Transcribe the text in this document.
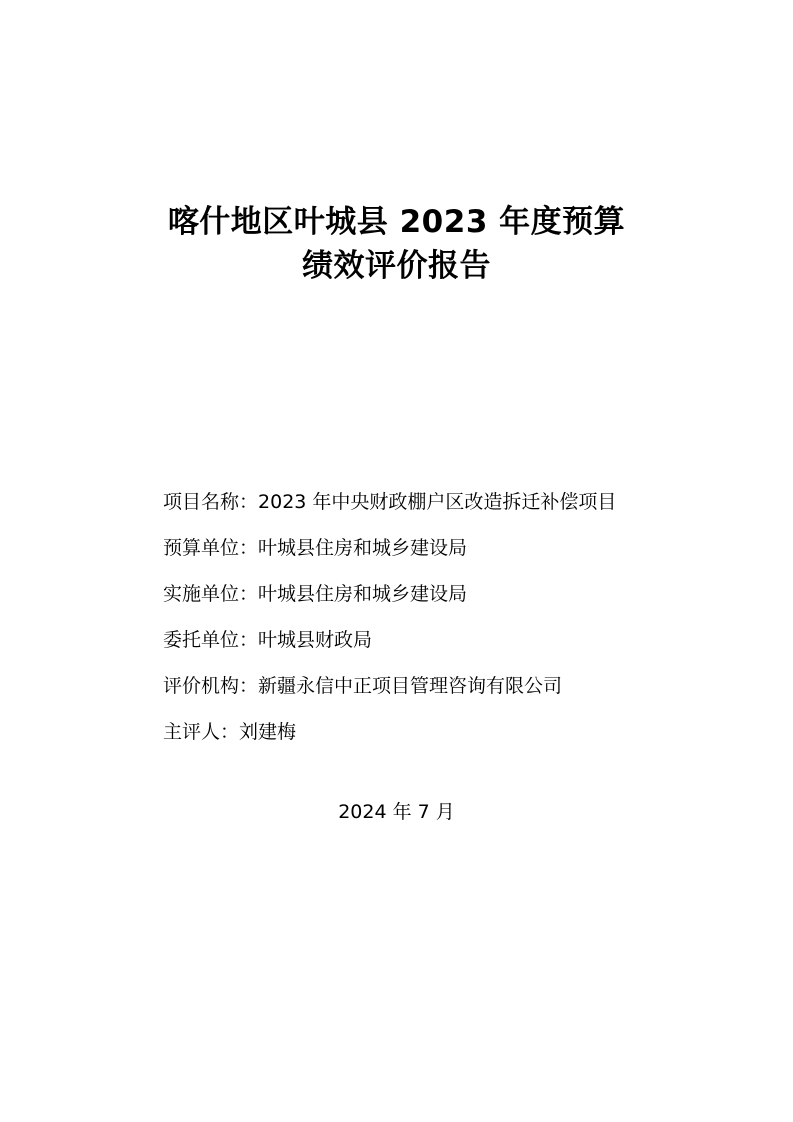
喀什地区叶城县 2023 年度预算
绩效评价报告
项目名称：2023 年中央财政棚户区改造拆迁补偿项目
预算单位：叶城县住房和城乡建设局
实施单位：叶城县住房和城乡建设局
委托单位：叶城县财政局
评价机构：新疆永信中正项目管理咨询有限公司
主评人：刘建梅
2024 年 7 月
